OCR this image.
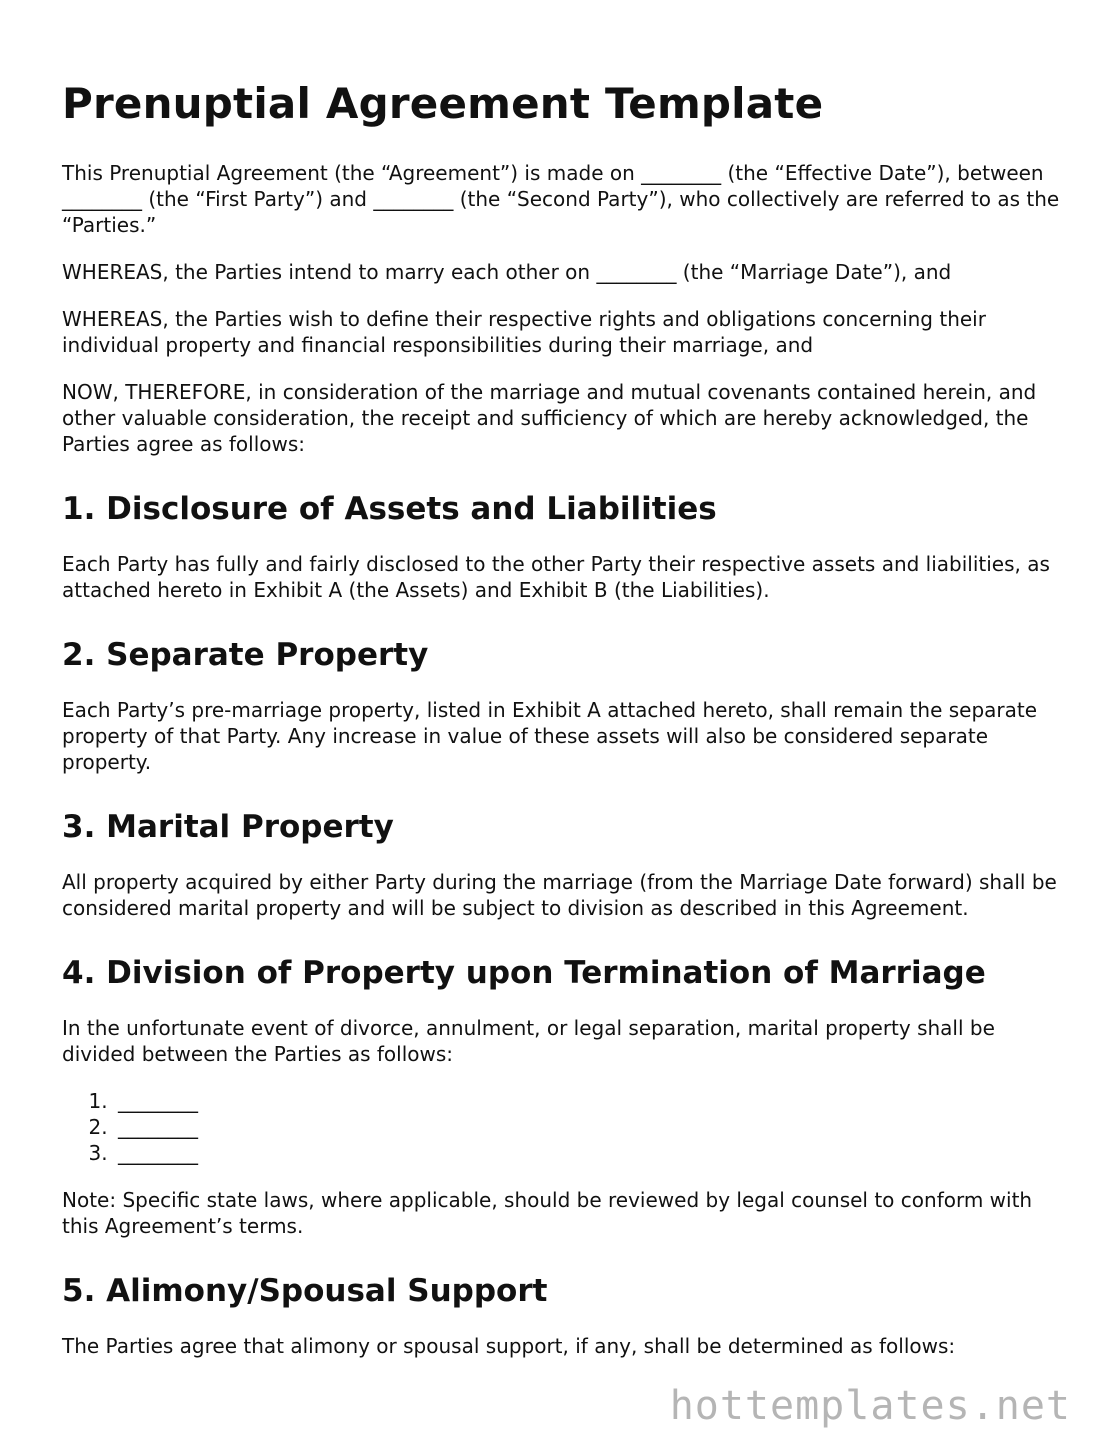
Prenuptial Agreement Template

This Prenuptial Agreement (the “Agreement”) is made on ________ (the “Effective Date”), between ________ (the “First Party”) and ________ (the “Second Party”), who collectively are referred to as the “Parties.”

WHEREAS, the Parties intend to marry each other on ________ (the “Marriage Date”), and

WHEREAS, the Parties wish to define their respective rights and obligations concerning their individual property and financial responsibilities during their marriage, and

NOW, THEREFORE, in consideration of the marriage and mutual covenants contained herein, and other valuable consideration, the receipt and sufficiency of which are hereby acknowledged, the Parties agree as follows:

1. Disclosure of Assets and Liabilities

Each Party has fully and fairly disclosed to the other Party their respective assets and liabilities, as attached hereto in Exhibit A (the Assets) and Exhibit B (the Liabilities).

2. Separate Property

Each Party’s pre-marriage property, listed in Exhibit A attached hereto, shall remain the separate property of that Party. Any increase in value of these assets will also be considered separate property.

3. Marital Property

All property acquired by either Party during the marriage (from the Marriage Date forward) shall be considered marital property and will be subject to division as described in this Agreement.

4. Division of Property upon Termination of Marriage

In the unfortunate event of divorce, annulment, or legal separation, marital property shall be divided between the Parties as follows:

1. ________
2. ________
3. ________

Note: Specific state laws, where applicable, should be reviewed by legal counsel to conform with this Agreement’s terms.

5. Alimony/Spousal Support

The Parties agree that alimony or spousal support, if any, shall be determined as follows:

hottemplates.net
